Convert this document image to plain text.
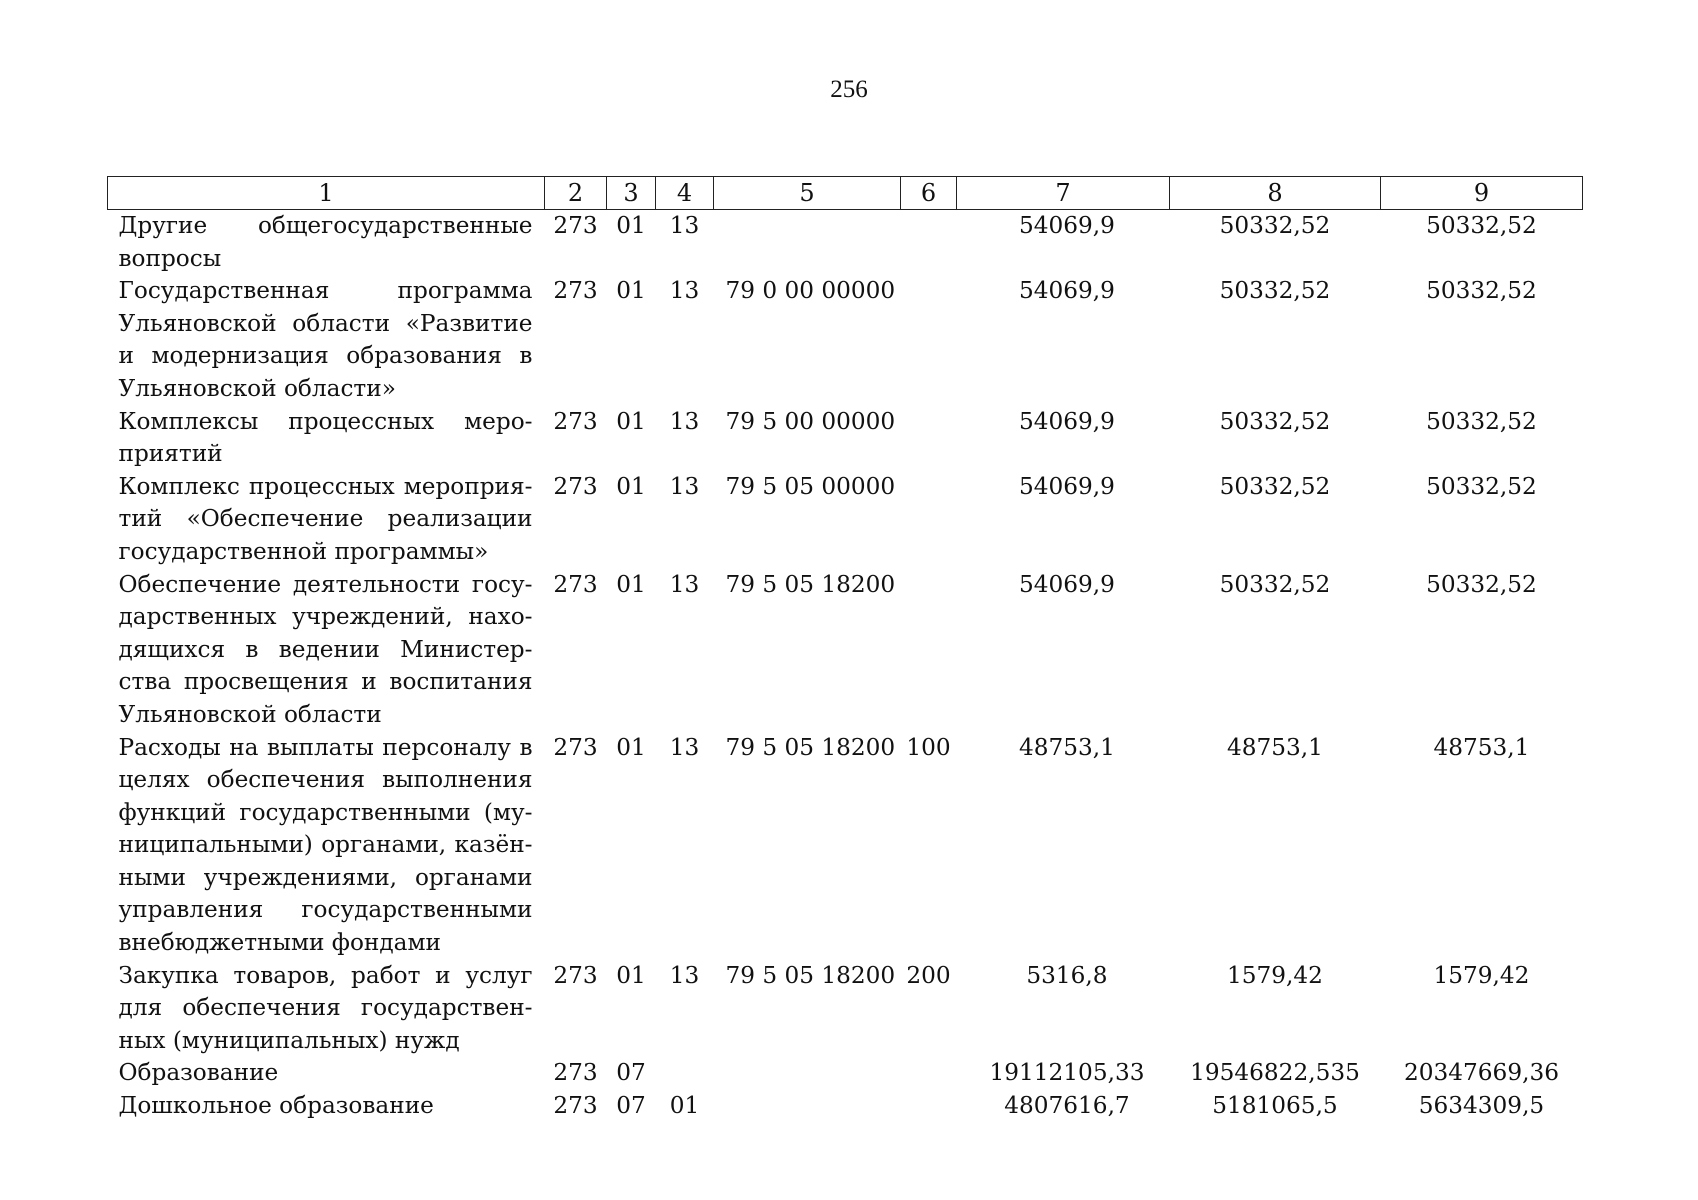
256
1	2	3	4	5	6	7	8	9
Другие общегосударственные вопросы	273	01	13			54069,9	50332,52	50332,52
Государственная программа Ульяновской области «Развитие и модернизация образования в Ульяновской области»	273	01	13	79 0 00 00000		54069,9	50332,52	50332,52
Комплексы процессных мероприятий	273	01	13	79 5 00 00000		54069,9	50332,52	50332,52
Комплекс процессных мероприятий «Обеспечение реализации государственной программы»	273	01	13	79 5 05 00000		54069,9	50332,52	50332,52
Обеспечение деятельности государственных учреждений, находящихся в ведении Министерства просвещения и воспитания Ульяновской области	273	01	13	79 5 05 18200		54069,9	50332,52	50332,52
Расходы на выплаты персоналу в целях обеспечения выполнения функций государственными (муниципальными) органами, казёнными учреждениями, органами управления государственными внебюджетными фондами	273	01	13	79 5 05 18200	100	48753,1	48753,1	48753,1
Закупка товаров, работ и услуг для обеспечения государственных (муниципальных) нужд	273	01	13	79 5 05 18200	200	5316,8	1579,42	1579,42
Образование	273	07				19112105,33	19546822,535	20347669,36
Дошкольное образование	273	07	01			4807616,7	5181065,5	5634309,5
